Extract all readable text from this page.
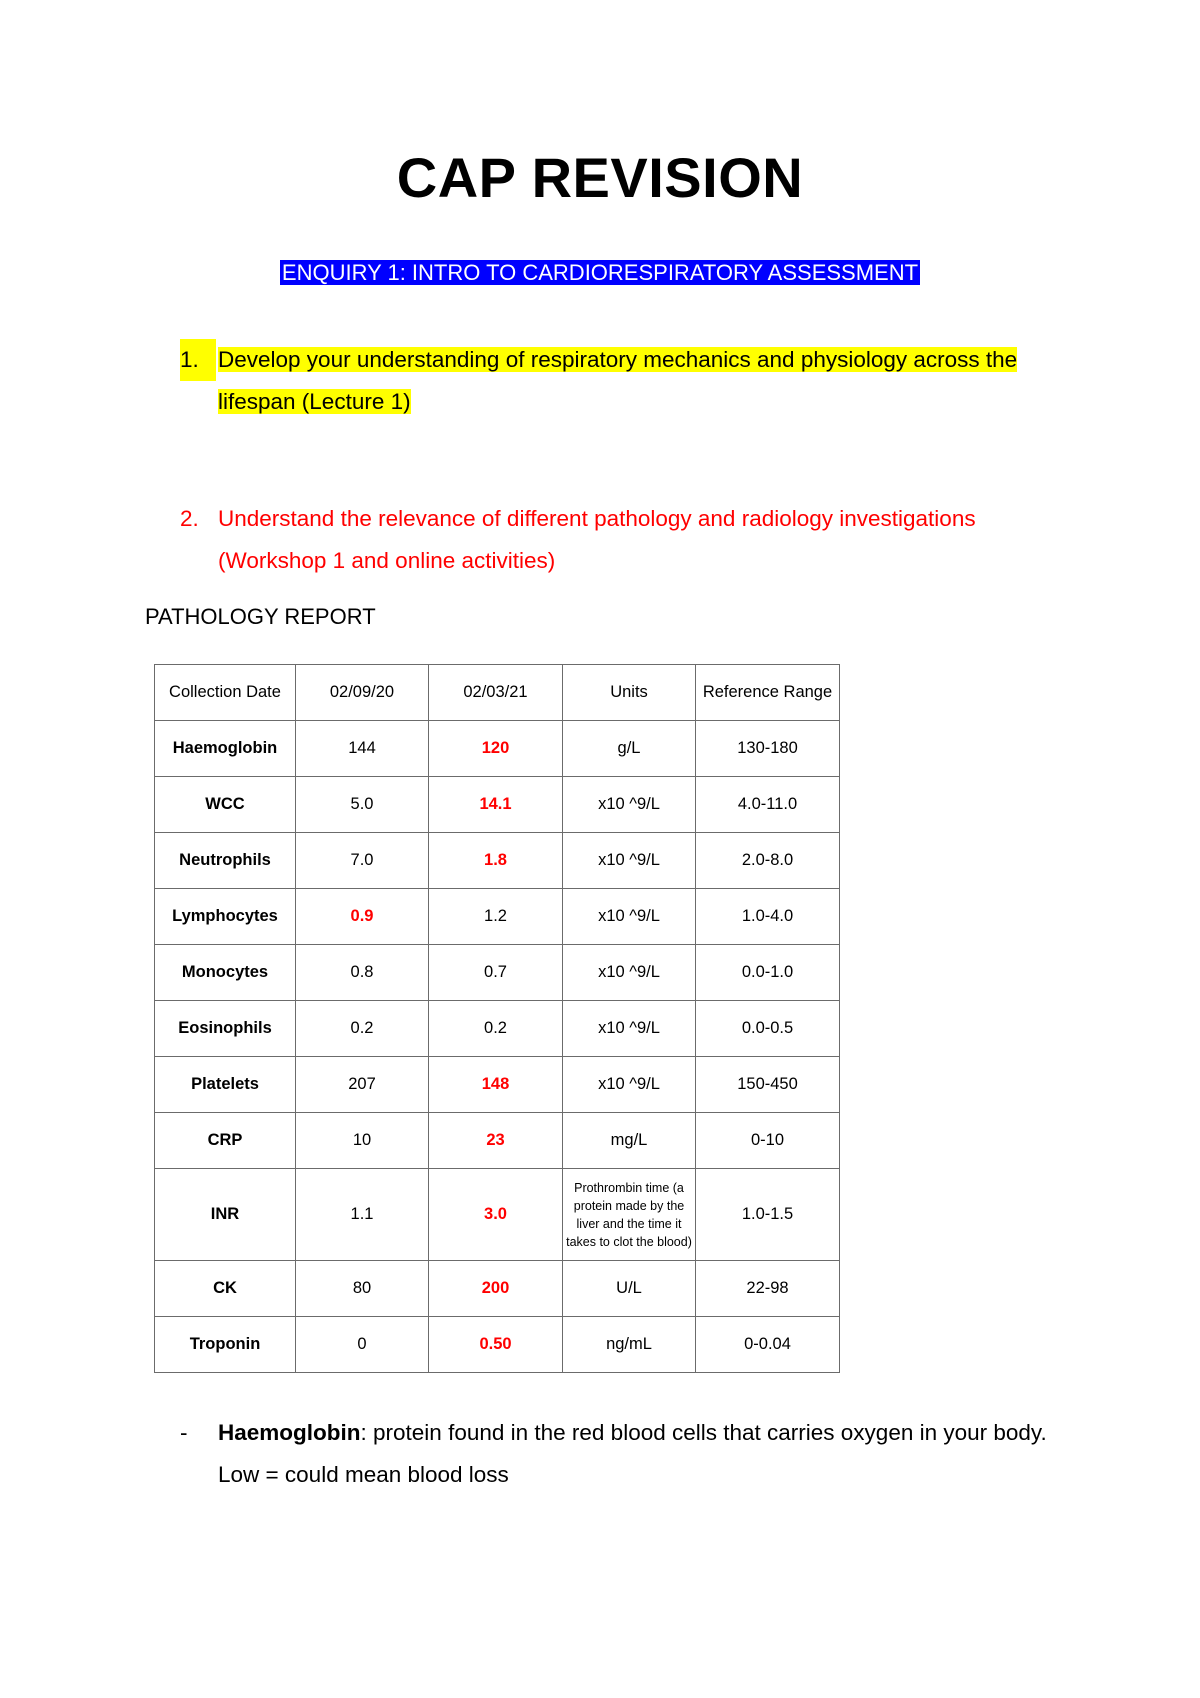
CAP REVISION
ENQUIRY 1: INTRO TO CARDIORESPIRATORY ASSESSMENT
1. Develop your understanding of respiratory mechanics and physiology across the lifespan (Lecture 1)
2. Understand the relevance of different pathology and radiology investigations (Workshop 1 and online activities)
PATHOLOGY REPORT
Collection Date	02/09/20	02/03/21	Units	Reference Range
Haemoglobin	144	120	g/L	130-180
WCC	5.0	14.1	x10 ^9/L	4.0-11.0
Neutrophils	7.0	1.8	x10 ^9/L	2.0-8.0
Lymphocytes	0.9	1.2	x10 ^9/L	1.0-4.0
Monocytes	0.8	0.7	x10 ^9/L	0.0-1.0
Eosinophils	0.2	0.2	x10 ^9/L	0.0-0.5
Platelets	207	148	x10 ^9/L	150-450
CRP	10	23	mg/L	0-10
INR	1.1	3.0	Prothrombin time (a protein made by the liver and the time it takes to clot the blood)	1.0-1.5
CK	80	200	U/L	22-98
Troponin	0	0.50	ng/mL	0-0.04
- Haemoglobin: protein found in the red blood cells that carries oxygen in your body. Low = could mean blood loss
